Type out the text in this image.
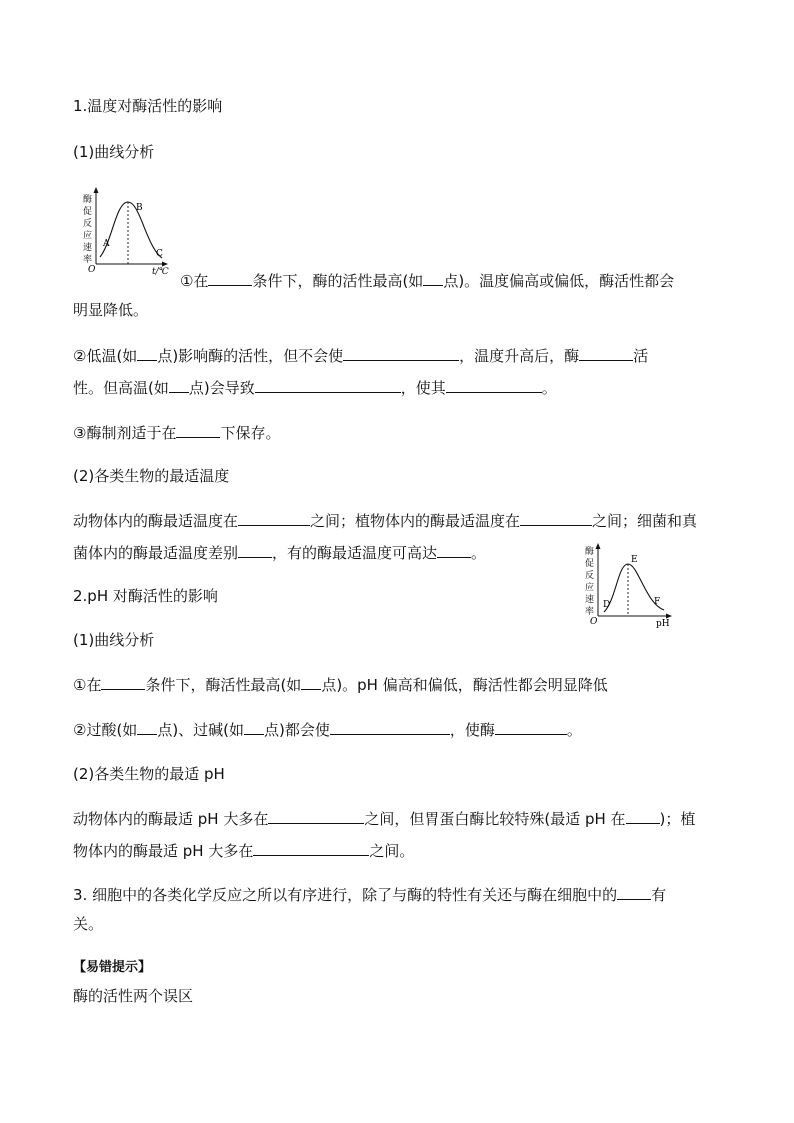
1.温度对酶活性的影响
(1)曲线分析
酶
促
反
应
速
率
A
B
C
O	t/℃ ①在	条件下，酶的活性最高(如 点)。温度偏高或偏低，酶活性都会
明显降低。
②低温(如 点)影响酶的活性，但不会使	，温度升高后，酶	活
性。但高温(如 点)会导致	，使其	。
③酶制剂适于在	下保存。
(2)各类生物的最适温度
动物体内的酶最适温度在	之间；植物体内的酶最适温度在	之间；细菌和真
菌体内的酶最适温度差别 ，有的酶最适温度可高达 。	酶
促
反
应
速
率
D
E
F
O	pH
2.pH 对酶活性的影响
(1)曲线分析
①在	条件下，酶活性最高(如 点)。pH 偏高和偏低，酶活性都会明显降低
②过酸(如 点)、过碱(如 点)都会使	，使酶	。
(2)各类生物的最适 pH
动物体内的酶最适 pH 大多在	之间，但胃蛋白酶比较特殊(最适 pH 在 )；植
物体内的酶最适 pH 大多在	之间。
3. 细胞中的各类化学反应之所以有序进行，除了与酶的特性有关还与酶在细胞中的 有
关。
【易错提示】
酶的活性两个误区
